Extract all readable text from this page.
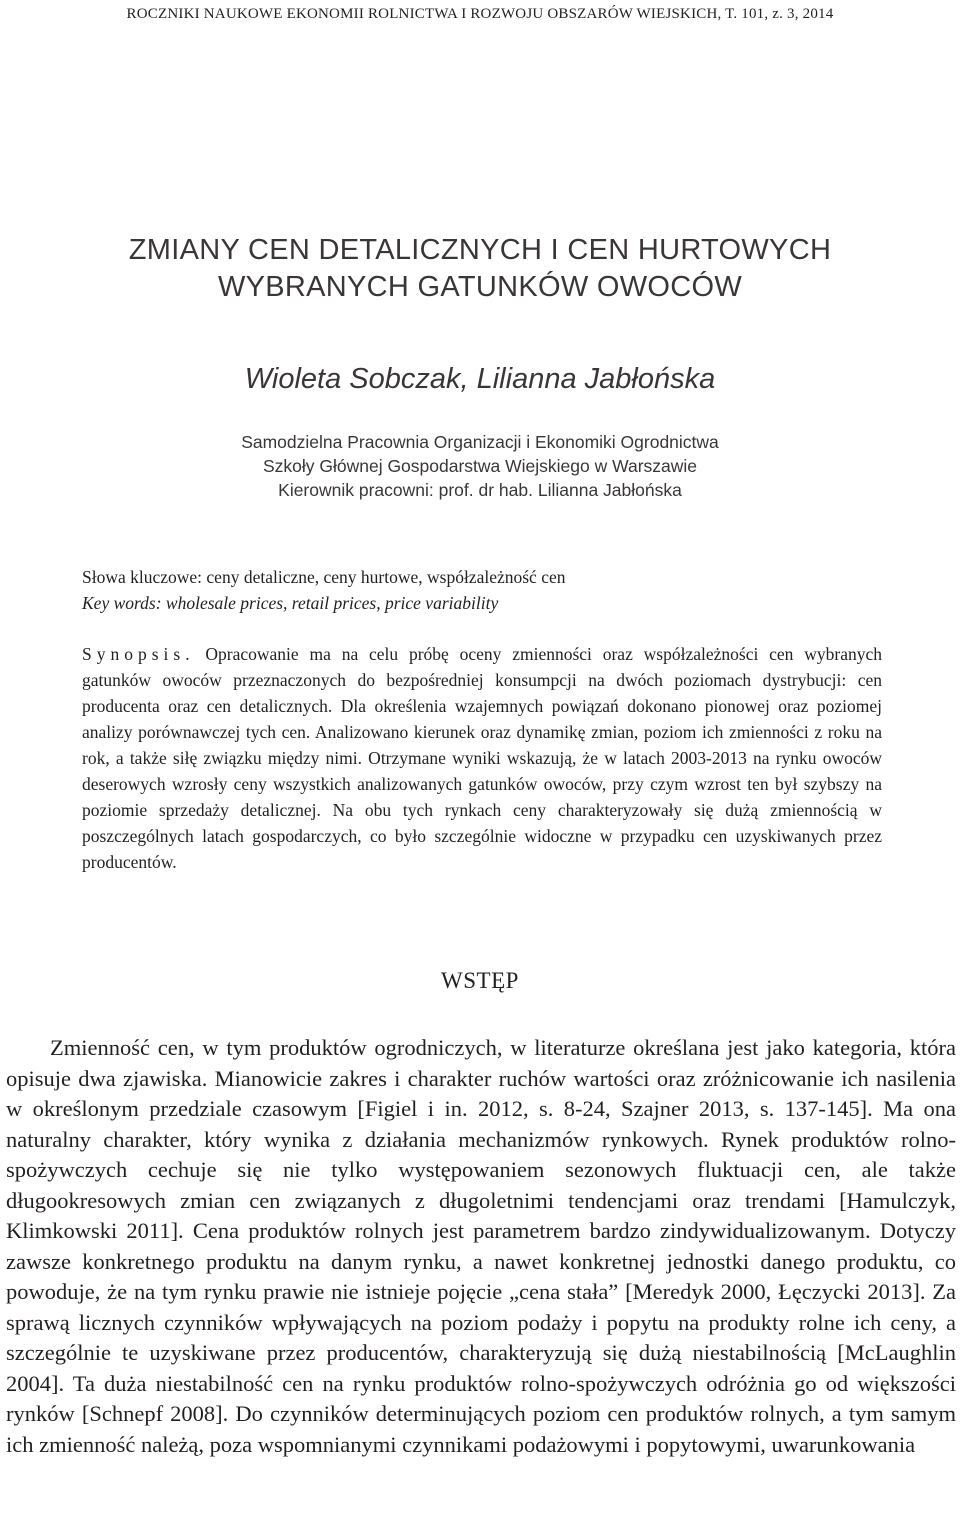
ROCZNIKI NAUKOWE EKONOMII ROLNICTWA I ROZWOJU OBSZARÓW WIEJSKICH, T. 101, z. 3, 2014
ZMIANY CEN DETALICZNYCH I CEN HURTOWYCH
WYBRANYCH GATUNKÓW OWOCÓW
Wioleta Sobczak, Lilianna Jabłońska
Samodzielna Pracownia Organizacji i Ekonomiki Ogrodnictwa
Szkoły Głównej Gospodarstwa Wiejskiego w Warszawie
Kierownik pracowni: prof. dr hab. Lilianna Jabłońska
Słowa kluczowe: ceny detaliczne, ceny hurtowe, współzależność cen
Key words: wholesale prices, retail prices, price variability

Synopsis. Opracowanie ma na celu próbę oceny zmienności oraz współzależności cen wybranych gatunków owoców przeznaczonych do bezpośredniej konsumpcji na dwóch poziomach dystrybucji: cen producenta oraz cen detalicznych. Dla określenia wzajemnych powiązań dokonano pionowej oraz poziomej analizy porównawczej tych cen. Analizowano kierunek oraz dynamikę zmian, poziom ich zmienności z roku na rok, a także siłę związku między nimi. Otrzymane wyniki wskazują, że w latach 2003-2013 na rynku owoców deserowych wzrosły ceny wszystkich analizowanych gatunków owoców, przy czym wzrost ten był szybszy na poziomie sprzedaży detalicznej. Na obu tych rynkach ceny charakteryzowały się dużą zmiennością w poszczególnych latach gospodarczych, co było szczególnie widoczne w przypadku cen uzyskiwanych przez producentów.

WSTĘP

Zmienność cen, w tym produktów ogrodniczych, w literaturze określana jest jako kategoria, która opisuje dwa zjawiska. Mianowicie zakres i charakter ruchów wartości oraz zróżnicowanie ich nasilenia w określonym przedziale czasowym [Figiel i in. 2012, s. 8-24, Szajner 2013, s. 137-145]. Ma ona naturalny charakter, który wynika z działania mechanizmów rynkowych. Rynek produktów rolno-spożywczych cechuje się nie tylko występowaniem sezonowych fluktuacji cen, ale także długookresowych zmian cen związanych z długoletnimi tendencjami oraz trendami [Hamulczyk, Klimkowski 2011]. Cena produktów rolnych jest parametrem bardzo zindywidualizowanym. Dotyczy zawsze konkretnego produktu na danym rynku, a nawet konkretnej jednostki danego produktu, co powoduje, że na tym rynku prawie nie istnieje pojęcie „cena stała” [Meredyk 2000, Łęczycki 2013]. Za sprawą licznych czynników wpływających na poziom podaży i popytu na produkty rolne ich ceny, a szczególnie te uzyskiwane przez producentów, charakteryzują się dużą niestabilnością [McLaughlin 2004]. Ta duża niestabilność cen na rynku produktów rolno-spożywczych odróżnia go od większości rynków [Schnepf 2008]. Do czynników determinujących poziom cen produktów rolnych, a tym samym ich zmienność należą, poza wspomnianymi czynnikami podażowymi i popytowymi, uwarunkowania
